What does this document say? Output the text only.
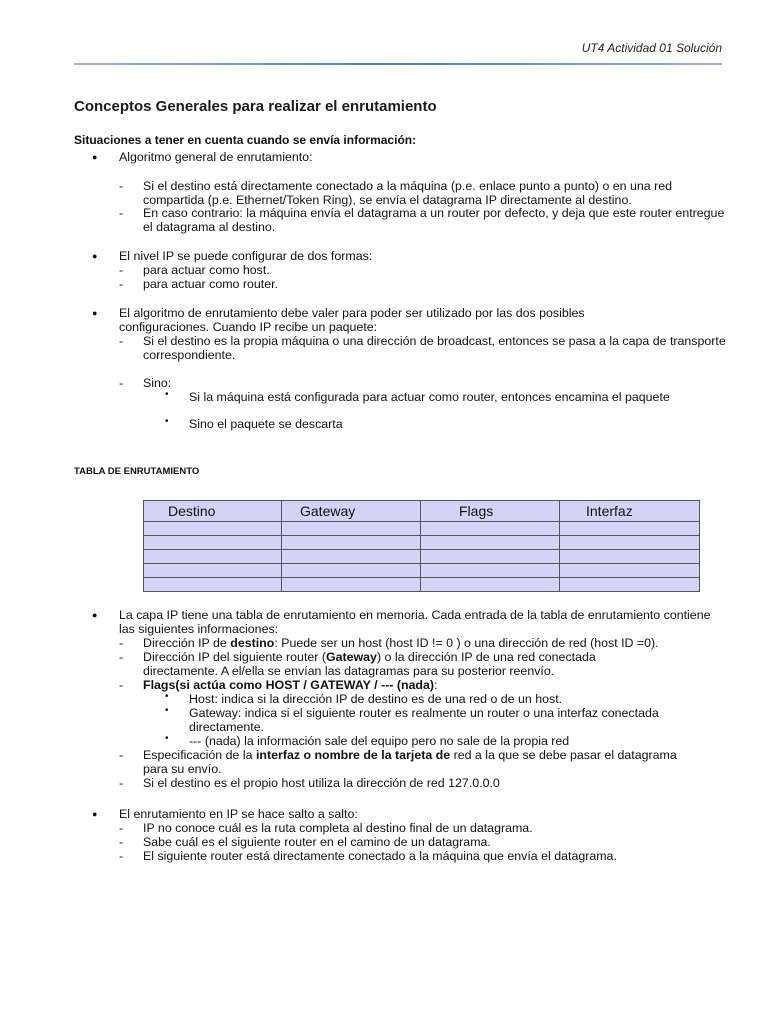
UT4 Actividad 01 Solución
Conceptos Generales para realizar el enrutamiento
Situaciones a tener en cuenta cuando se envía información:
● Algoritmo general de enrutamiento:
- Si el destino está directamente conectado a la máquina (p.e. enlace punto a punto) o en una red compartida (p.e. Ethernet/Token Ring), se envía el datagrama IP directamente al destino.
- En caso contrario: la máquina envía el datagrama a un router por defecto, y deja que este router entregue el datagrama al destino.
● El nivel IP se puede configurar de dos formas:
- para actuar como host.
- para actuar como router.
● El algoritmo de enrutamiento debe valer para poder ser utilizado por las dos posibles configuraciones. Cuando IP recibe un paquete:
- Si el destino es la propia máquina o una dirección de broadcast, entonces se pasa a la capa de transporte correspondiente.
- Sino:
• Si la máquina está configurada para actuar como router, entonces encamina el paquete
• Sino el paquete se descarta
TABLA DE ENRUTAMIENTO
Destino	Gateway	Flags	Interfaz

● La capa IP tiene una tabla de enrutamiento en memoria. Cada entrada de la tabla de enrutamiento contiene las siguientes informaciones:
- Dirección IP de destino: Puede ser un host (host ID != 0 ) o una dirección de red (host ID =0).
- Dirección IP del siguiente router (Gateway) o la dirección IP de una red conectada directamente. A el/ella se envían las datagramas para su posterior reenvío.
- Flags(si actúa como HOST / GATEWAY / --- (nada):
• Host: indica si la dirección IP de destino es de una red o de un host.
• Gateway: indica si el siguiente router es realmente un router o una interfaz conectada directamente.
• --- (nada) la información sale del equipo pero no sale de la propia red
- Especificación de la interfaz o nombre de la tarjeta de red a la que se debe pasar el datagrama para su envío.
- Si el destino es el propio host utiliza la dirección de red 127.0.0.0
● El enrutamiento en IP se hace salto a salto:
- IP no conoce cuál es la ruta completa al destino final de un datagrama.
- Sabe cuál es el siguiente router en el camino de un datagrama.
- El siguiente router está directamente conectado a la máquina que envía el datagrama.
